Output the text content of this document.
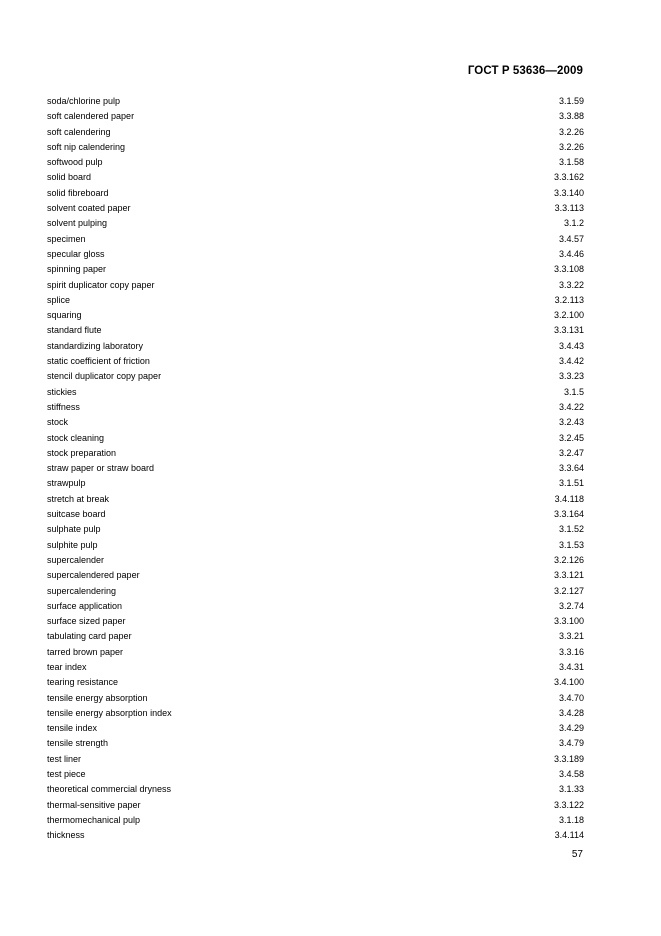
ГОСТ Р 53636—2009
soda/chlorine pulp	3.1.59
soft calendered paper	3.3.88
soft calendering	3.2.26
soft nip calendering	3.2.26
softwood pulp	3.1.58
solid board	3.3.162
solid fibreboard	3.3.140
solvent coated paper	3.3.113
solvent pulping	3.1.2
specimen	3.4.57
specular gloss	3.4.46
spinning paper	3.3.108
spirit duplicator copy paper	3.3.22
splice	3.2.113
squaring	3.2.100
standard flute	3.3.131
standardizing laboratory	3.4.43
static coefficient of friction	3.4.42
stencil duplicator copy paper	3.3.23
stickies	3.1.5
stiffness	3.4.22
stock	3.2.43
stock cleaning	3.2.45
stock preparation	3.2.47
straw paper or straw board	3.3.64
strawpulp	3.1.51
stretch at break	3.4.118
suitcase board	3.3.164
sulphate pulp	3.1.52
sulphite pulp	3.1.53
supercalender	3.2.126
supercalendered paper	3.3.121
supercalendering	3.2.127
surface application	3.2.74
surface sized paper	3.3.100
tabulating card paper	3.3.21
tarred brown paper	3.3.16
tear index	3.4.31
tearing resistance	3.4.100
tensile energy absorption	3.4.70
tensile energy absorption index	3.4.28
tensile index	3.4.29
tensile strength	3.4.79
test liner	3.3.189
test piece	3.4.58
theoretical commercial dryness	3.1.33
thermal-sensitive paper	3.3.122
thermomechanical pulp	3.1.18
thickness	3.4.114
57
